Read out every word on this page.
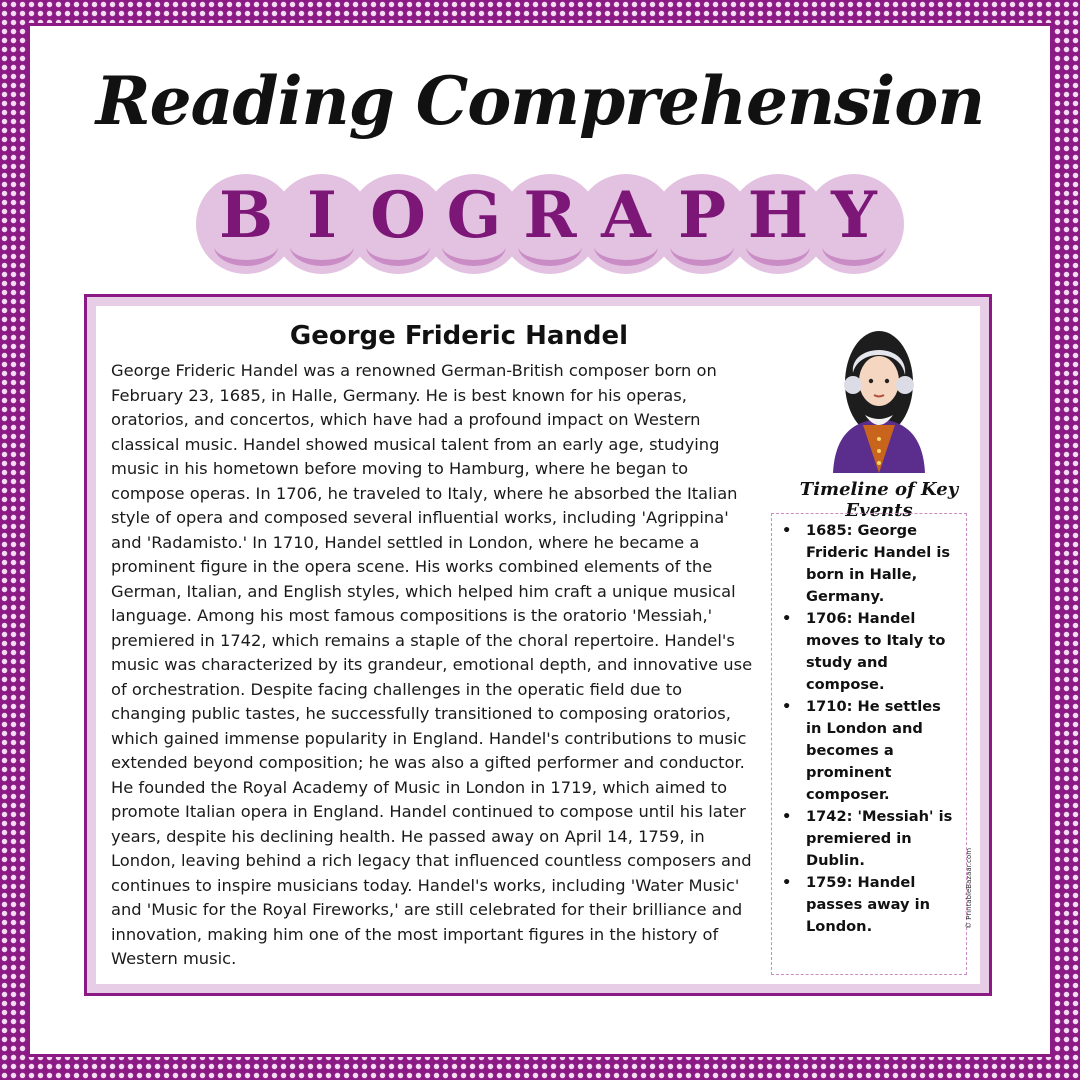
Reading Comprehension
B I O G R A P H Y
George Frideric Handel

George Frideric Handel was a renowned German-British composer born on February 23, 1685, in Halle, Germany. He is best known for his operas, oratorios, and concertos, which have had a profound impact on Western classical music. Handel showed musical talent from an early age, studying music in his hometown before moving to Hamburg, where he began to compose operas. In 1706, he traveled to Italy, where he absorbed the Italian style of opera and composed several influential works, including 'Agrippina' and 'Radamisto.' In 1710, Handel settled in London, where he became a prominent figure in the opera scene. His works combined elements of the German, Italian, and English styles, which helped him craft a unique musical language. Among his most famous compositions is the oratorio 'Messiah,' premiered in 1742, which remains a staple of the choral repertoire. Handel's music was characterized by its grandeur, emotional depth, and innovative use of orchestration. Despite facing challenges in the operatic field due to changing public tastes, he successfully transitioned to composing oratorios, which gained immense popularity in England. Handel's contributions to music extended beyond composition; he was also a gifted performer and conductor. He founded the Royal Academy of Music in London in 1719, which aimed to promote Italian opera in England. Handel continued to compose until his later years, despite his declining health. He passed away on April 14, 1759, in London, leaving behind a rich legacy that influenced countless composers and continues to inspire musicians today. Handel's works, including 'Water Music' and 'Music for the Royal Fireworks,' are still celebrated for their brilliance and innovation, making him one of the most important figures in the history of Western music.

Timeline of Key Events
• 1685: George Frideric Handel is born in Halle, Germany.
• 1706: Handel moves to Italy to study and compose.
• 1710: He settles in London and becomes a prominent composer.
• 1742: 'Messiah' is premiered in Dublin.
• 1759: Handel passes away in London.	© PrintableBazaar.com
